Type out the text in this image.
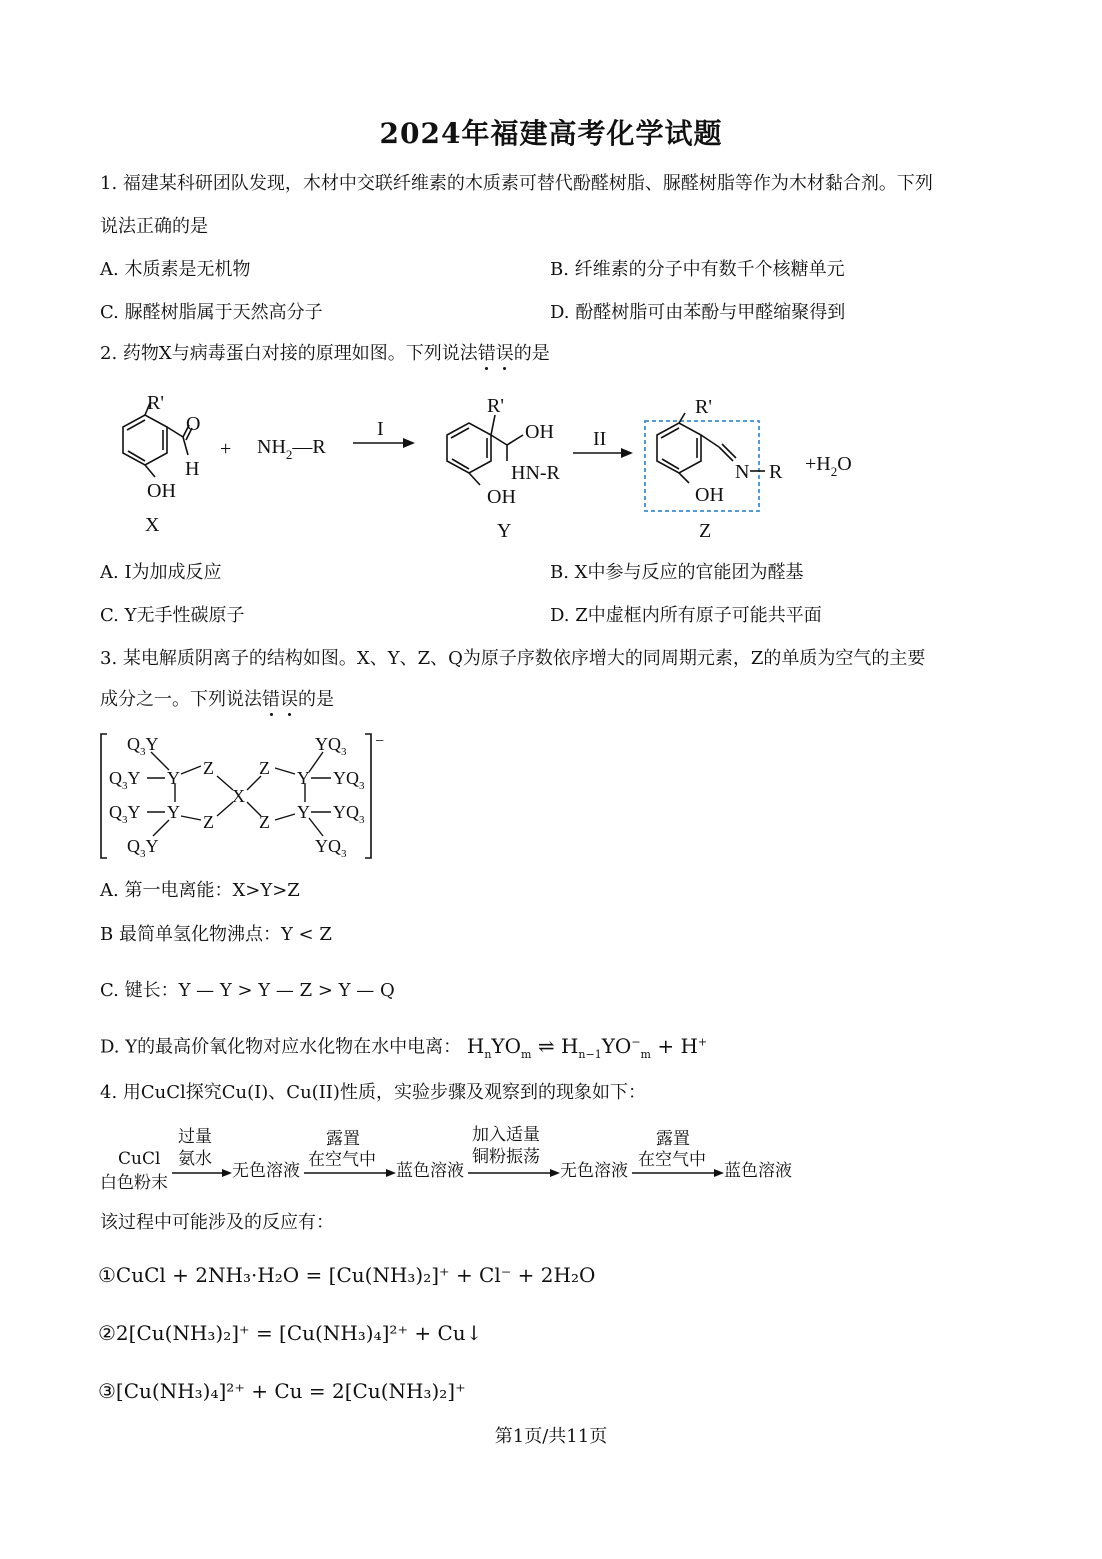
2024年福建高考化学试题
1. 福建某科研团队发现，木材中交联纤维素的木质素可替代酚醛树脂、脲醛树脂等作为木材黏合剂。下列
说法正确的是
A. 木质素是无机物	B. 纤维素的分子中有数千个核糖单元
C. 脲醛树脂属于天然高分子	D. 酚醛树脂可由苯酚与甲醛缩聚得到
2. 药物X与病毒蛋白对接的原理如图。下列说法错误的是
R'
O
H
OH
X
+ $NH_2—R$
I
R'
OH
HN-R
OH
Y
II
R'
N R
OH
Z
$+H_2O$
A. I为加成反应	B. X中参与反应的官能团为醛基
C. Y无手性碳原子	D. Z中虚框内所有原子可能共平面
3. 某电解质阴离子的结构如图。X、Y、Z、Q为原子序数依序增大的同周期元素，Z的单质为空气的主要
成分之一。下列说法错误的是
−
$Q_3Y$
$Q_3Y$ Y
$Q_3Y$ Y
$Q_3Y$
Z
Z
X
Z
Z
Y
Y
$YQ_3$
$YQ_3$
$YQ_3$
$YQ_3$
A. 第一电离能：X>Y>Z
B 最简单氢化物沸点：Y < Z
C. 键长：Y — Y > Y — Z > Y — Q
D. Y的最高价氧化物对应水化物在水中电离： $H_nYO_m$ ⇌ $H_{n-1}YO^-_m + H^+$
4. 用CuCl探究Cu(I)、Cu(II)性质，实验步骤及观察到的现象如下：
CuCl
白色粉末
过量
氨水
无色溶液
露置
在空气中
蓝色溶液
加入适量
铜粉振荡
无色溶液
露置
在空气中
蓝色溶液
该过程中可能涉及的反应有：
①CuCl + 2NH₃·H₂O = [Cu(NH₃)₂]⁺ + Cl⁻ + 2H₂O
②2[Cu(NH₃)₂]⁺ = [Cu(NH₃)₄]²⁺ + Cu↓
③[Cu(NH₃)₄]²⁺ + Cu = 2[Cu(NH₃)₂]⁺
第1页/共11页
